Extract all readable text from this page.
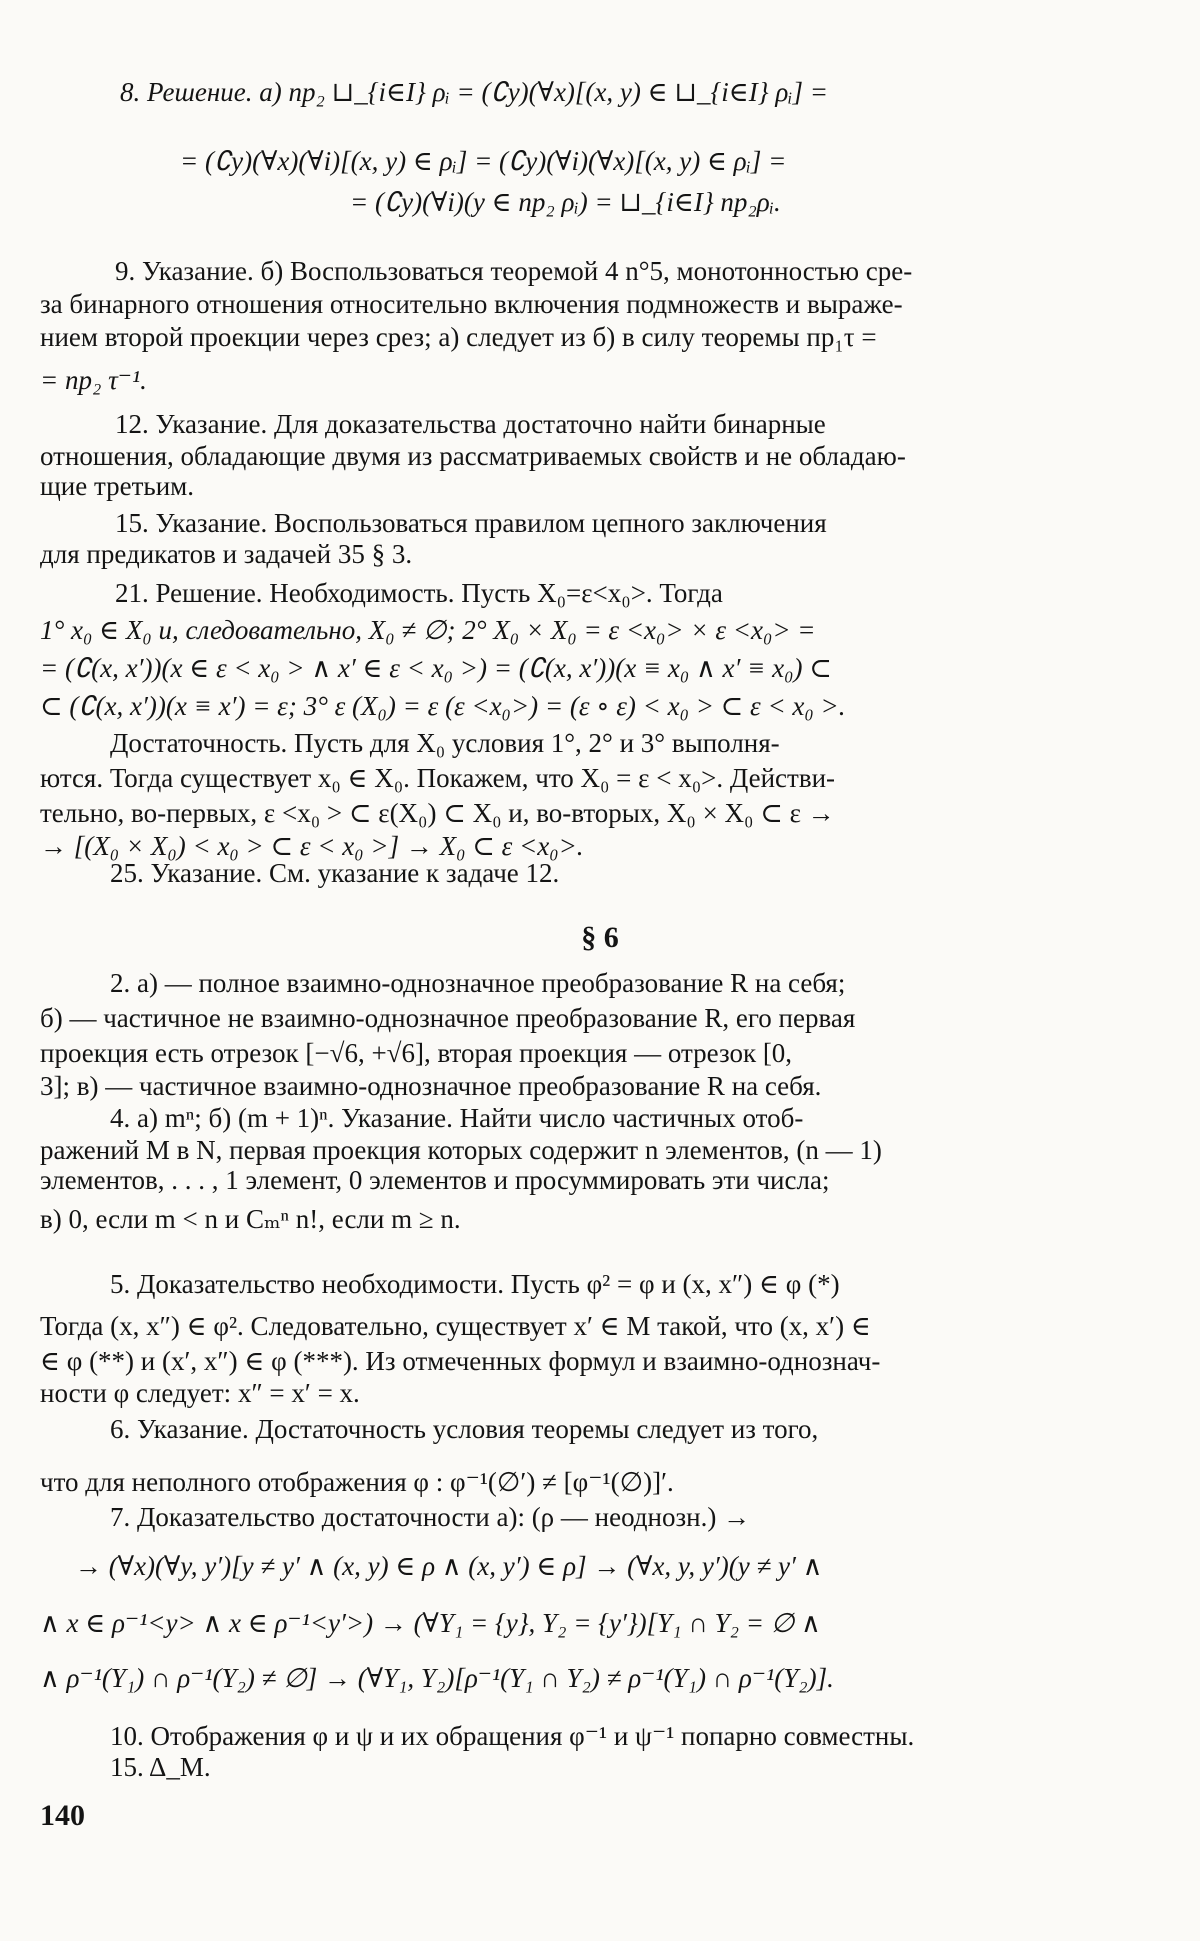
8. Решение. а) пр₂ ⊔_{i∈I} ρᵢ = (∁y)(∀x)[(x, y) ∈ ⊔_{i∈I} ρᵢ] =
= (∁y)(∀x)(∀i)[(x, y) ∈ ρᵢ] = (∁y)(∀i)(∀x)[(x, y) ∈ ρᵢ] =
= (∁y)(∀i)(y ∈ пр₂ ρᵢ) = ⊔_{i∈I} пр₂ρᵢ.
9. Указание. б) Воспользоваться теоремой 4 n°5, монотонностью сре-
за бинарного отношения относительно включения подмножеств и выраже-
нием второй проекции через срез; а) следует из б) в силу теоремы пр₁τ =
= пр₂ τ⁻¹.
12. Указание. Для доказательства достаточно найти бинарные
отношения, обладающие двумя из рассматриваемых свойств и не обладаю-
щие третьим.
15. Указание. Воспользоваться правилом цепного заключения
для предикатов и задачей 35 § 3.
21. Решение. Необходимость. Пусть X₀=ε<x₀>. Тогда
1° x₀ ∈ X₀ и, следовательно, X₀ ≠ ∅; 2° X₀ × X₀ = ε <x₀> × ε <x₀> =
= (∁(x, x′))(x ∈ ε < x₀ > ∧ x′ ∈ ε < x₀ >) = (∁(x, x′))(x ≡ x₀ ∧ x′ ≡ x₀) ⊂
⊂ (∁(x, x′))(x ≡ x′) = ε; 3° ε (X₀) = ε (ε <x₀>) = (ε ∘ ε) < x₀ > ⊂ ε < x₀ >.
Достаточность. Пусть для X₀ условия 1°, 2° и 3° выполня-
ются. Тогда существует x₀ ∈ X₀. Покажем, что X₀ = ε < x₀>. Действи-
тельно, во-первых, ε <x₀ > ⊂ ε(X₀) ⊂ X₀ и, во-вторых, X₀ × X₀ ⊂ ε →
→ [(X₀ × X₀) < x₀ > ⊂ ε < x₀ >] → X₀ ⊂ ε <x₀>.
25. Указание. См. указание к задаче 12.
§ 6
2. а) — полное взаимно-однозначное преобразование R на себя;
б) — частичное не взаимно-однозначное преобразование R, его первая
проекция есть отрезок [−√6, +√6], вторая проекция — отрезок [0,
3]; в) — частичное взаимно-однозначное преобразование R на себя.
4. а) mⁿ; б) (m + 1)ⁿ. Указание. Найти число частичных отоб-
ражений M в N, первая проекция которых содержит n элементов, (n — 1)
элементов, . . . , 1 элемент, 0 элементов и просуммировать эти числа;
в) 0, если m < n и Cₘⁿ n!, если m ≥ n.
5. Доказательство необходимости. Пусть φ² = φ и (x, x″) ∈ φ (*)
Тогда (x, x″) ∈ φ². Следовательно, существует x′ ∈ M такой, что (x, x′) ∈
∈ φ (**) и (x′, x″) ∈ φ (***). Из отмеченных формул и взаимно-однознач-
ности φ следует: x″ = x′ = x.
6. Указание. Достаточность условия теоремы следует из того,
что для неполного отображения φ : φ⁻¹(∅′) ≠ [φ⁻¹(∅)]′.
7. Доказательство достаточности а): (ρ — неоднозн.) →
→ (∀x)(∀y, y′)[y ≠ y′ ∧ (x, y) ∈ ρ ∧ (x, y′) ∈ ρ] → (∀x, y, y′)(y ≠ y′ ∧
∧ x ∈ ρ⁻¹<y> ∧ x ∈ ρ⁻¹<y′>) → (∀Y₁ = {y}, Y₂ = {y′})[Y₁ ∩ Y₂ = ∅ ∧
∧ ρ⁻¹(Y₁) ∩ ρ⁻¹(Y₂) ≠ ∅] → (∀Y₁, Y₂)[ρ⁻¹(Y₁ ∩ Y₂) ≠ ρ⁻¹(Y₁) ∩ ρ⁻¹(Y₂)].
10. Отображения φ и ψ и их обращения φ⁻¹ и ψ⁻¹ попарно совместны.
15. Δ_M.
140
